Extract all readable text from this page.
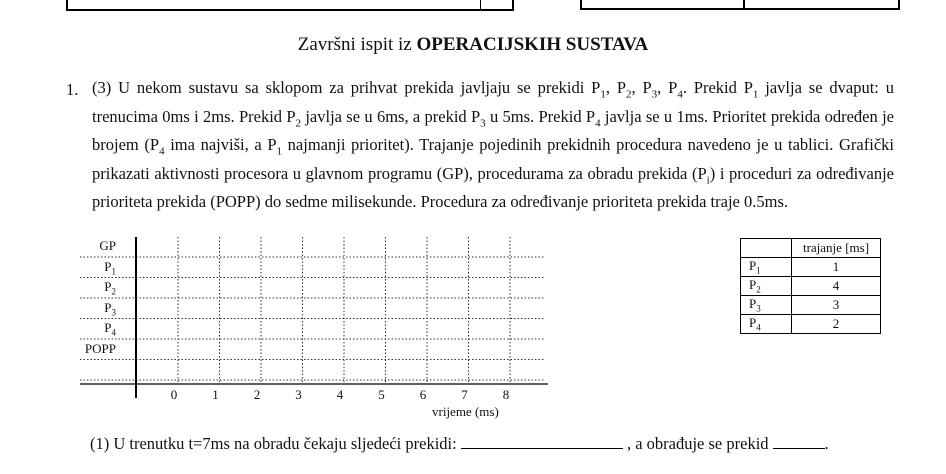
Završni ispit iz OPERACIJSKIH SUSTAVA
1. (3) U nekom sustavu sa sklopom za prihvat prekida javljaju se prekidi $P_1$, $P_2$, $P_3$, $P_4$. Prekid $P_1$ javlja se dvaput: u trenucima 0ms i 2ms. Prekid $P_2$ javlja se u 6ms, a prekid $P_3$ u 5ms. Prekid $P_4$ javlja se u 1ms. Prioritet prekida određen je brojem ($P_4$ ima najviši, a $P_1$ najmanji prioritet). Trajanje pojedinih prekidnih procedura navedeno je u tablici. Grafički prikazati aktivnosti procesora u glavnom programu (GP), procedurama za obradu prekida $(P_i)$ i proceduri za određivanje prioriteta prekida (POPP) do sedme milisekunde. Procedura za određivanje prioriteta prekida traje 0.5ms.
GP
$P_1$
$P_2$
$P_3$
$P_4$
POPP
0	1	2	3	4	5	6	7	8
vrijeme (ms)
	trajanje [ms]
$P_1$	1
$P_2$	4
$P_3$	3
$P_4$	2
(1) U trenutku t=7ms na obradu čekaju sljedeći prekidi:	, a obrađuje se prekid	.
